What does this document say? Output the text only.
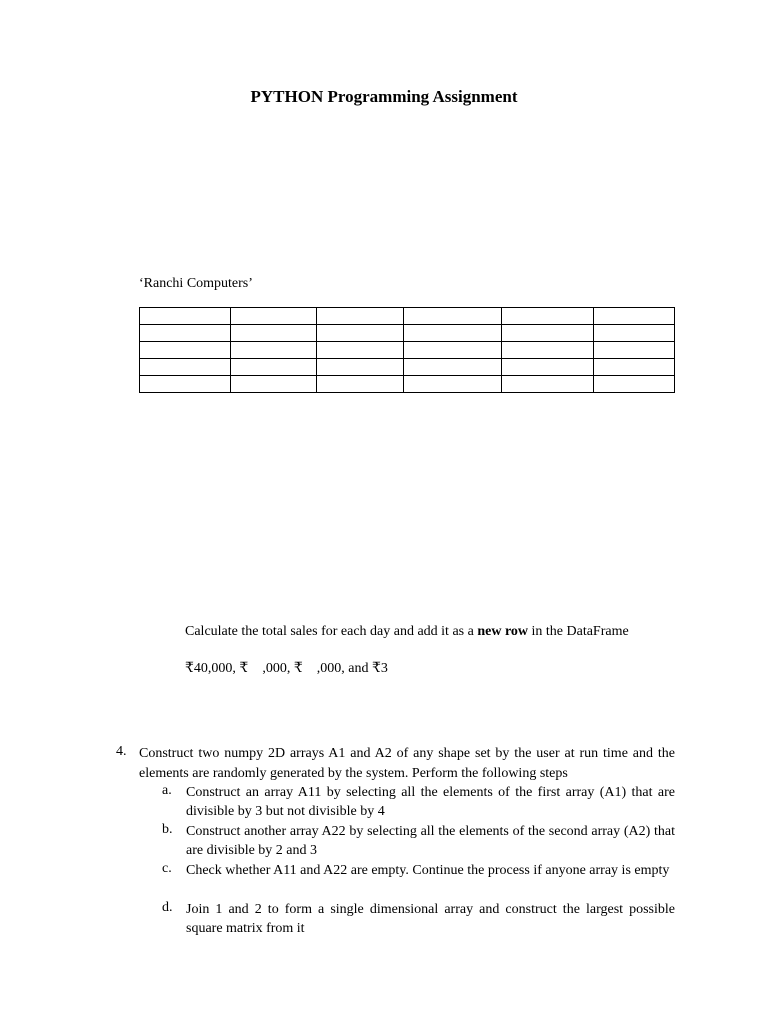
PYTHON Programming Assignment
‘Ranchi Computers’

Calculate the total sales for each day and add it as a new row in the DataFrame
₹40,000, ₹ ,000, ₹ ,000, and ₹3
4. Construct two numpy 2D arrays A1 and A2 of any shape set by the user at run time and the elements are randomly generated by the system. Perform the following steps
a. Construct an array A11 by selecting all the elements of the first array (A1) that are divisible by 3 but not divisible by 4
b. Construct another array A22 by selecting all the elements of the second array (A2) that are divisible by 2 and 3
c. Check whether A11 and A22 are empty. Continue the process if anyone array is empty
d. Join 1 and 2 to form a single dimensional array and construct the largest possible square matrix from it
